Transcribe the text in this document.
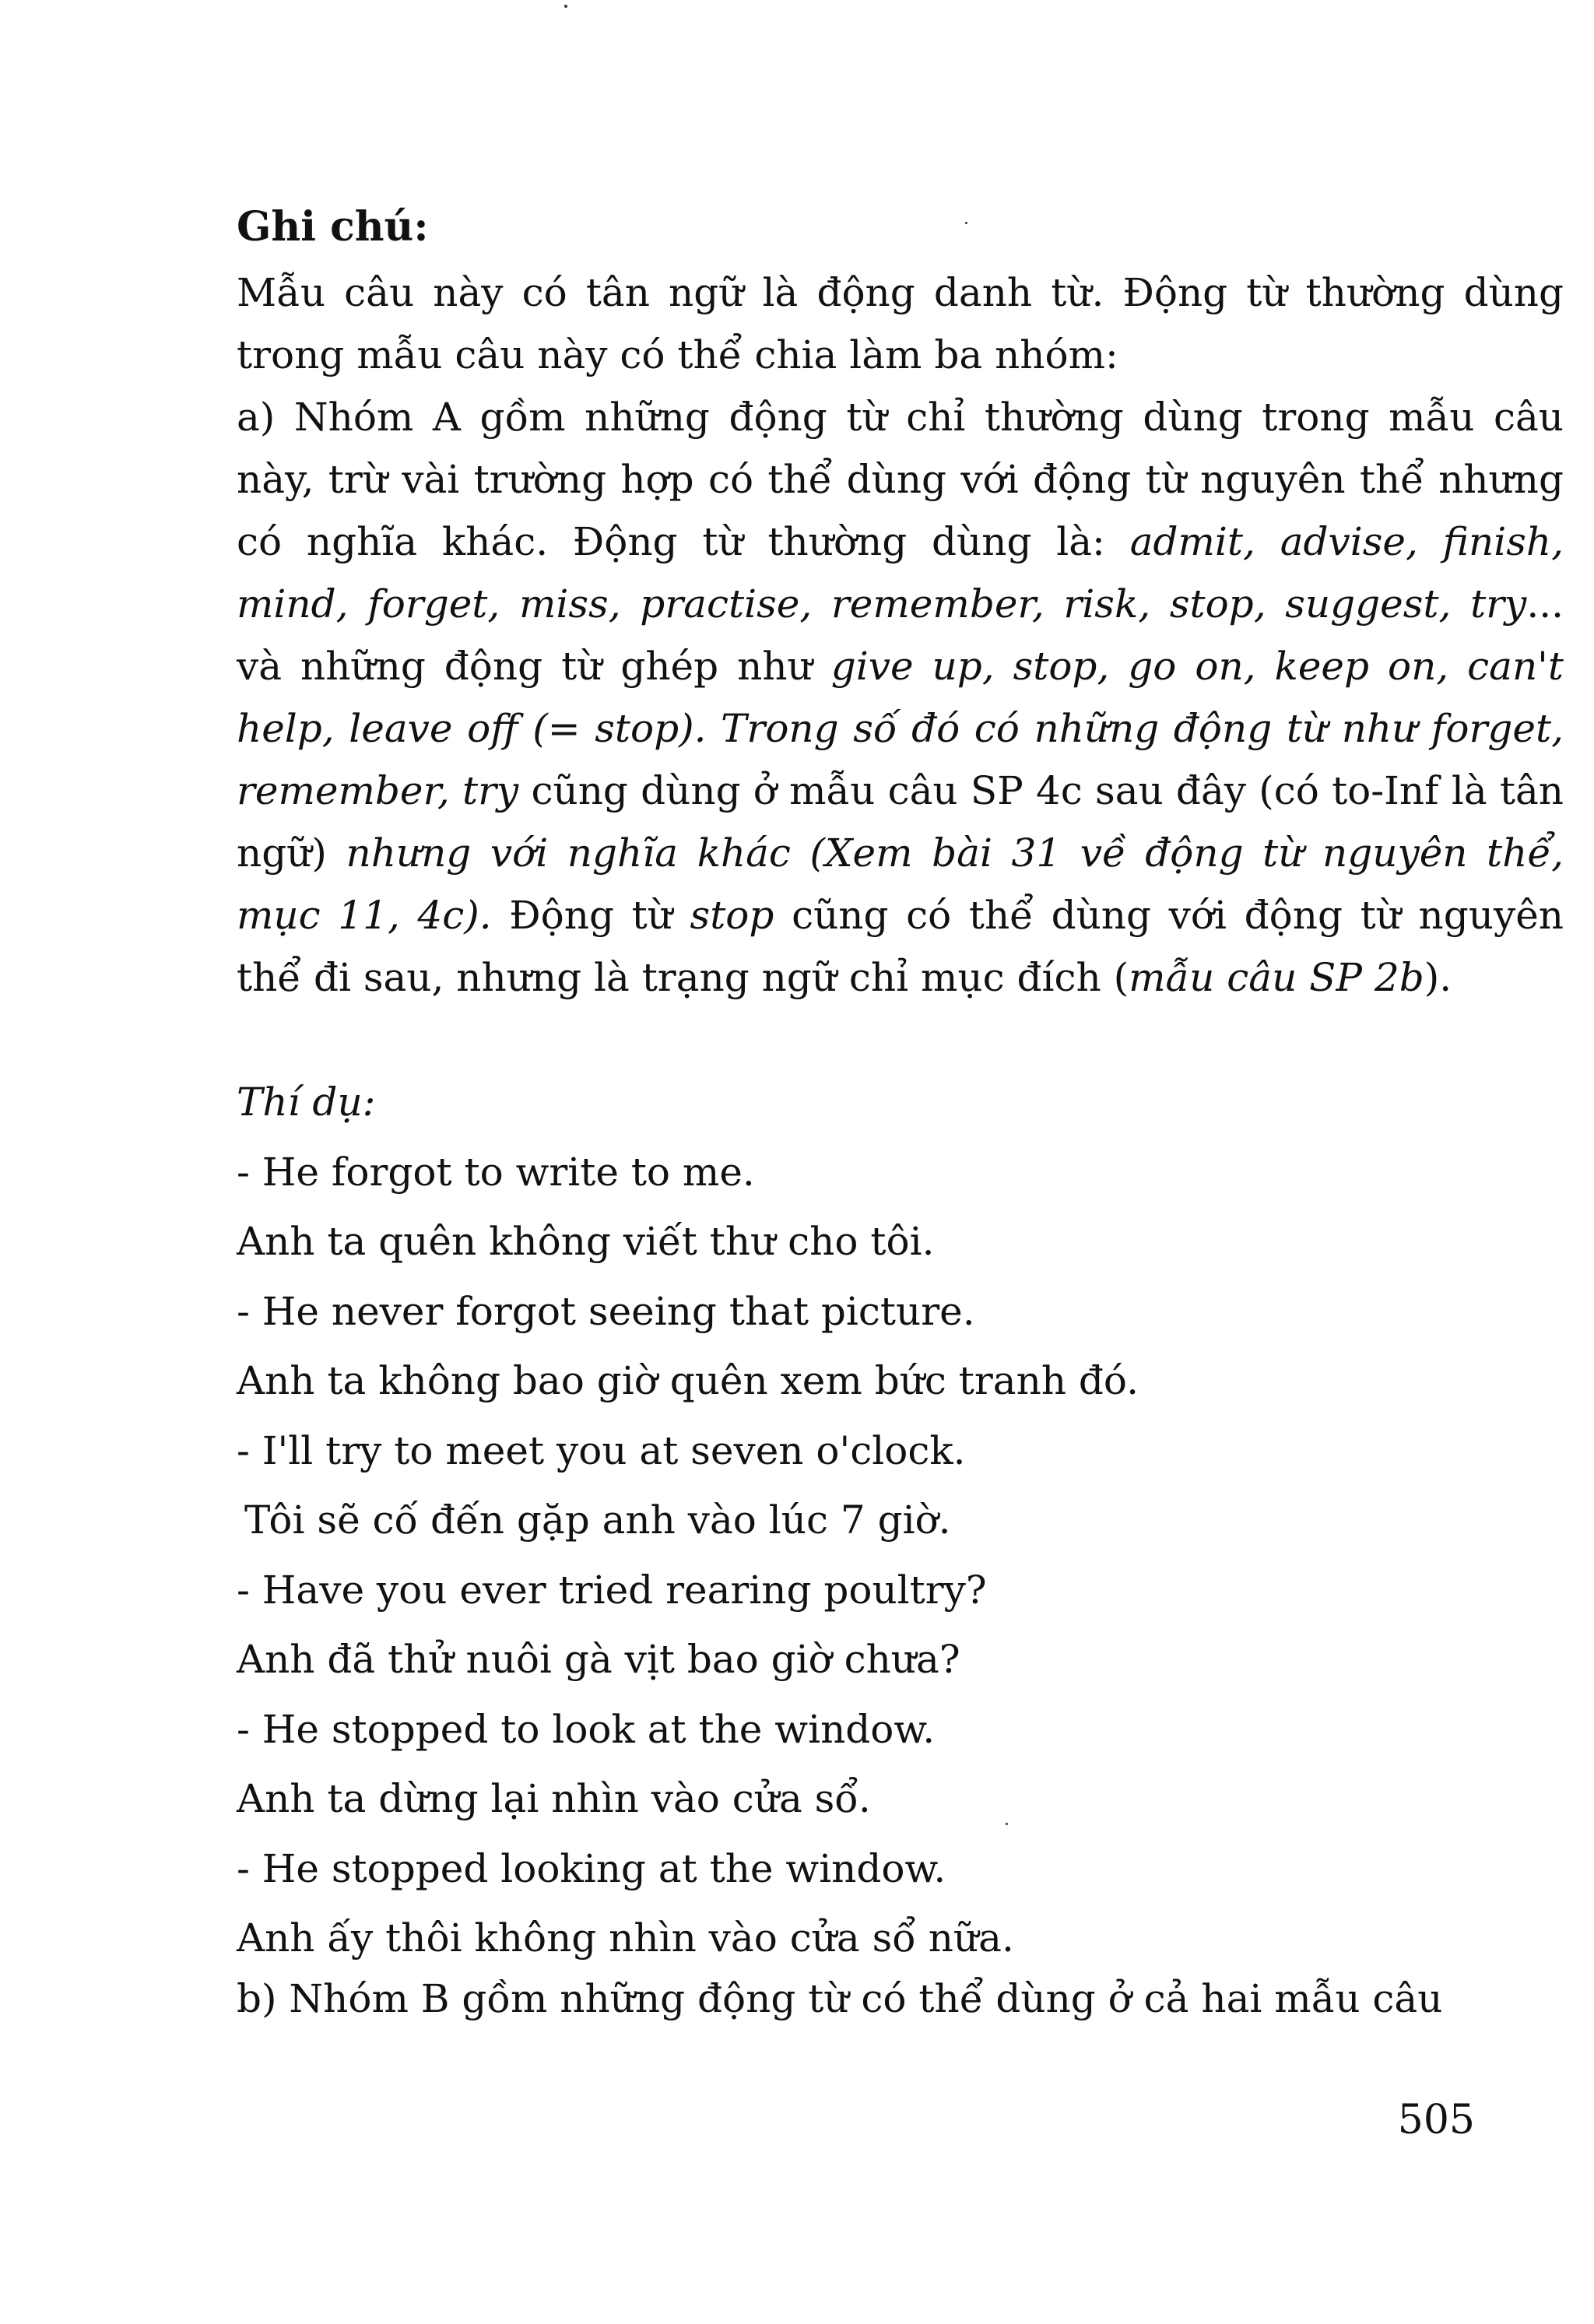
Ghi chú:

Mẫu câu này có tân ngữ là động danh từ. Động từ thường dùng trong mẫu câu này có thể chia làm ba nhóm:

a) Nhóm A gồm những động từ chỉ thường dùng trong mẫu câu này, trừ vài trường hợp có thể dùng với động từ nguyên thể nhưng có nghĩa khác. Động từ thường dùng là: admit, advise, finish, mind, forget, miss, practise, remember, risk, stop, suggest, try... và những động từ ghép như give up, stop, go on, keep on, can't help, leave off (= stop). Trong số đó có những động từ như forget, remember, try cũng dùng ở mẫu câu SP 4c sau đây (có to-Inf là tân ngữ) nhưng với nghĩa khác (Xem bài 31 về động từ nguyên thể, mục 11, 4c). Động từ stop cũng có thể dùng với động từ nguyên thể đi sau, nhưng là trạng ngữ chỉ mục đích (mẫu câu SP 2b).

Thí dụ:

- He forgot to write to me.

Anh ta quên không viết thư cho tôi.

- He never forgot seeing that picture.

Anh ta không bao giờ quên xem bức tranh đó.

- I'll try to meet you at seven o'clock.

Tôi sẽ cố đến gặp anh vào lúc 7 giờ.

- Have you ever tried rearing poultry?

Anh đã thử nuôi gà vịt bao giờ chưa?

- He stopped to look at the window.

Anh ta dừng lại nhìn vào cửa sổ.

- He stopped looking at the window.

Anh ấy thôi không nhìn vào cửa sổ nữa.

b) Nhóm B gồm những động từ có thể dùng ở cả hai mẫu câu

505
